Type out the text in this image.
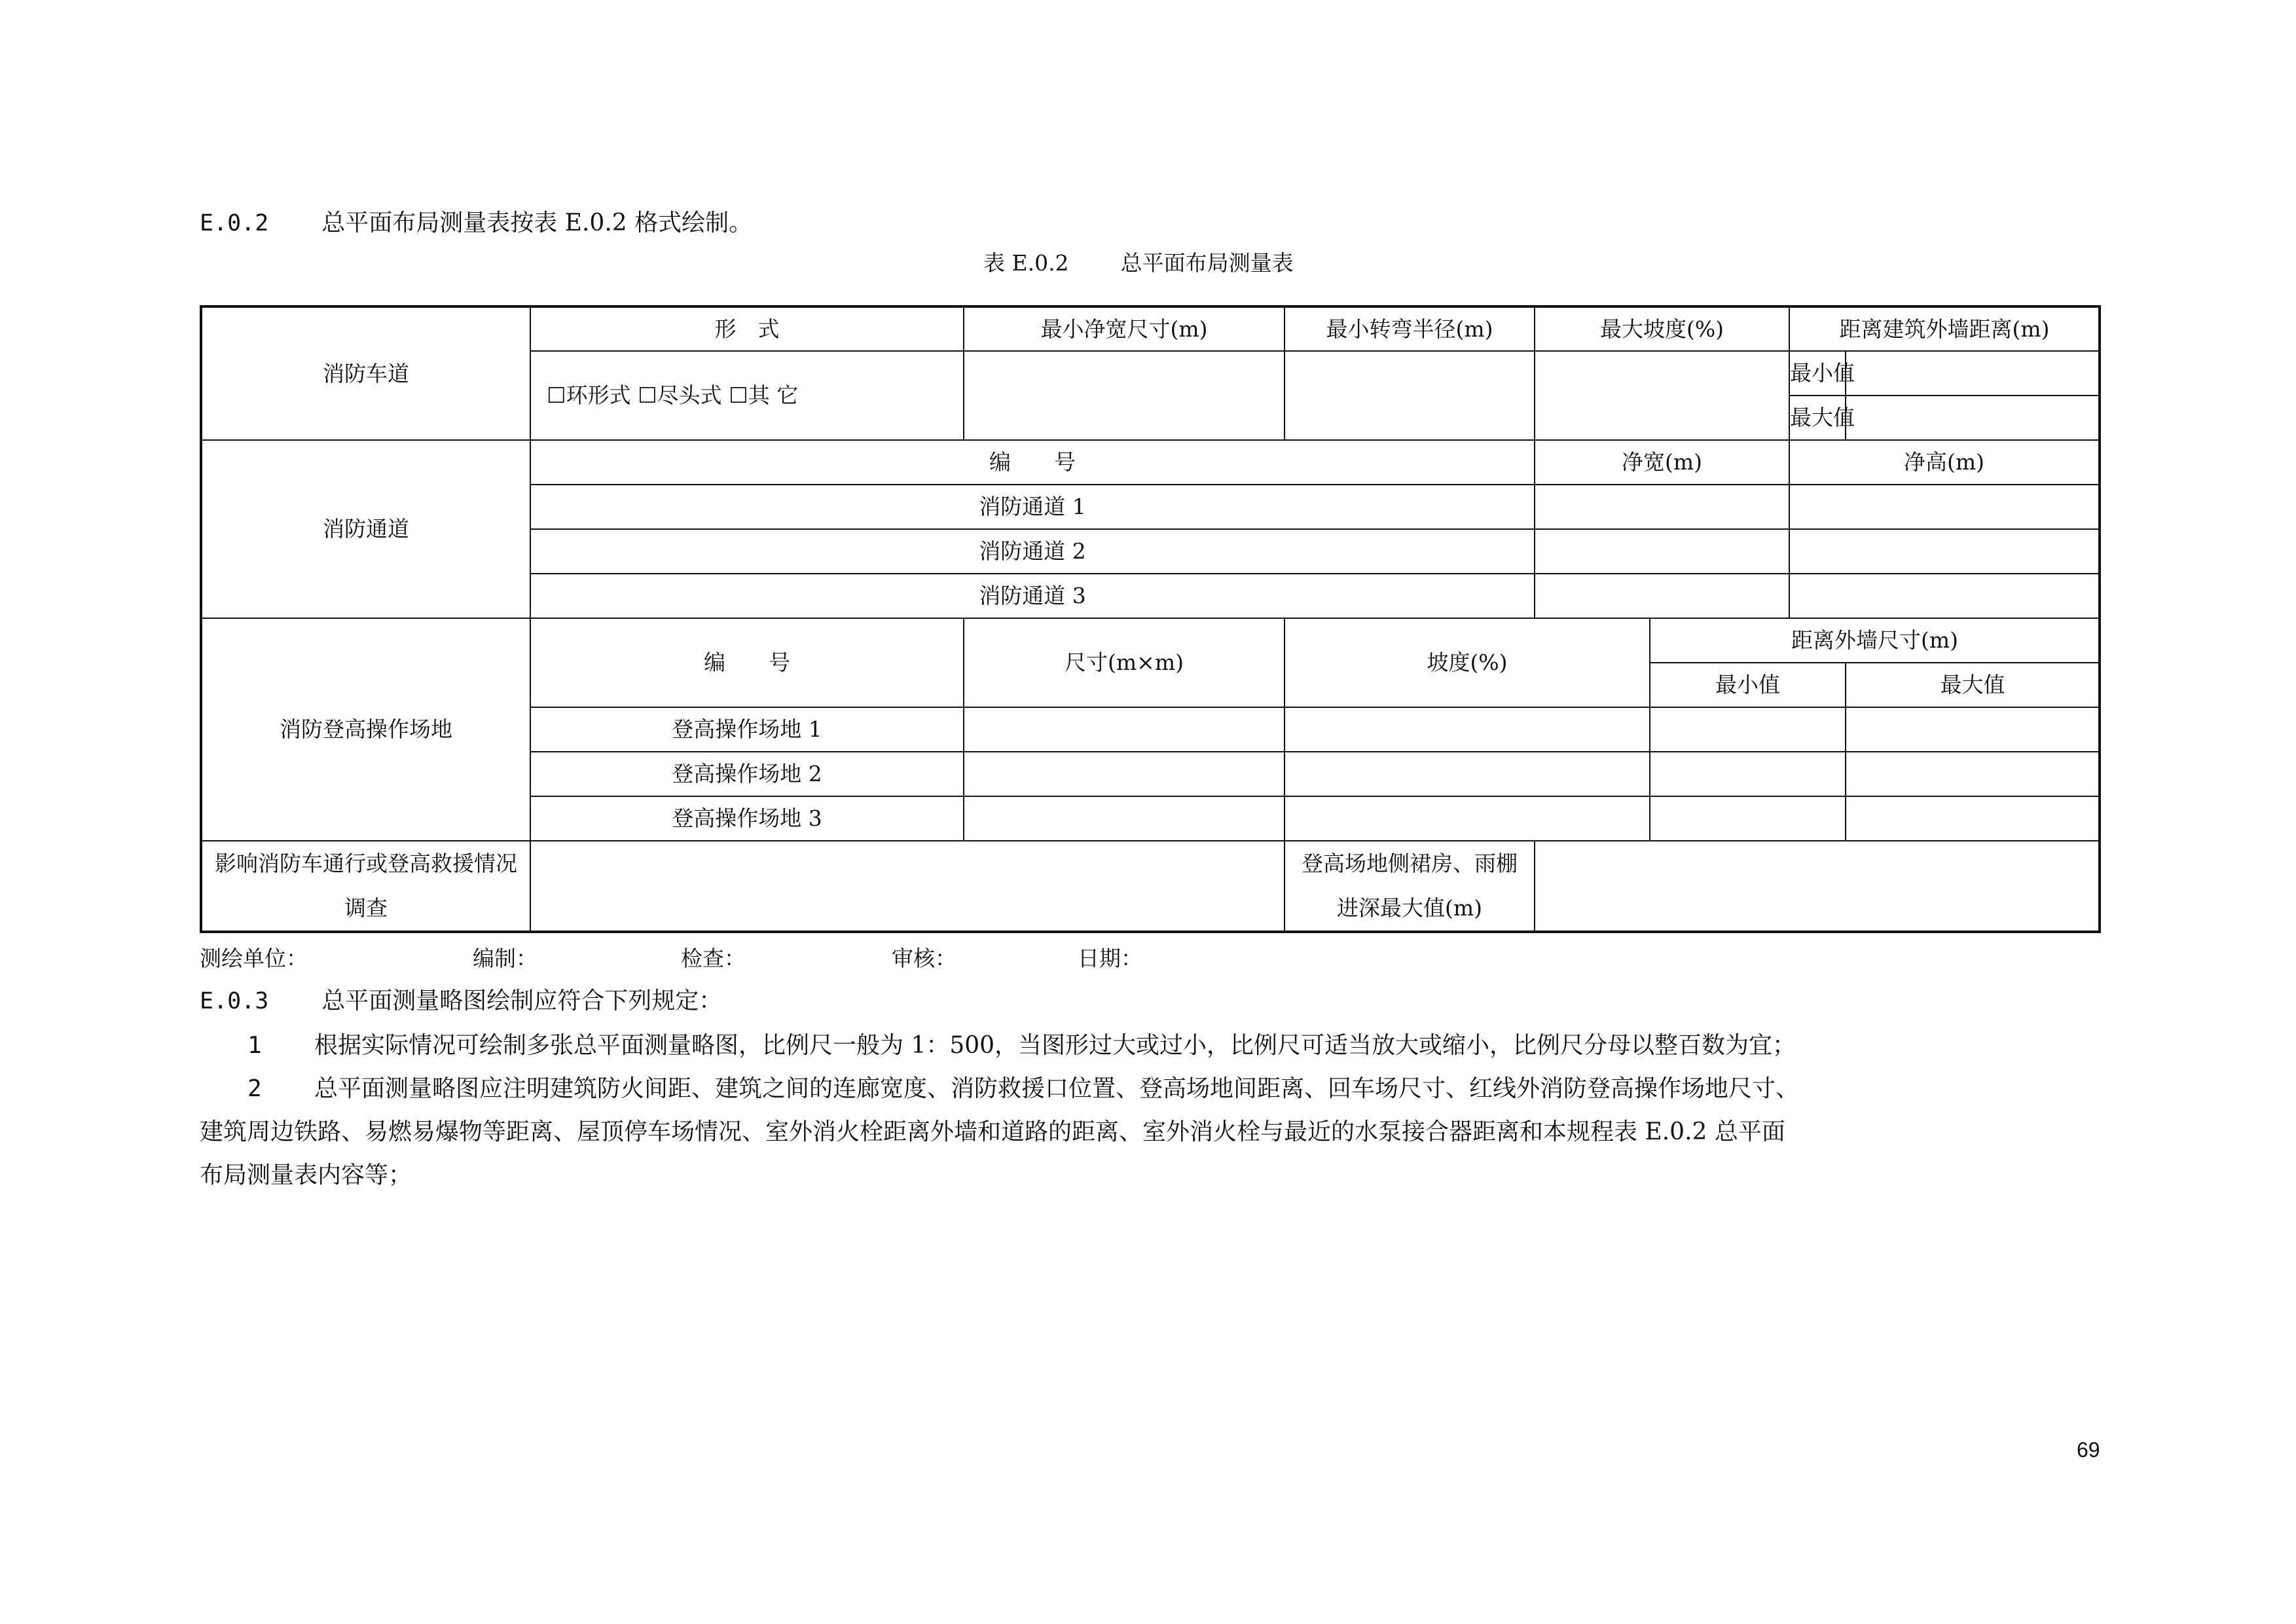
E.0.2 总平面布局测量表按表 E.0.2 格式绘制。
表 E.0.2 总平面布局测量表
消防车道	形　式	最小净宽尺寸(m)	最小转弯半径(m)	最大坡度(%)		距离建筑外墙距离(m)	
	☐环形式 ☐尽头式 ☐其 它					最小值	
						最大值	
消防通道	编　　号			净宽(m)		净高(m)	
	消防通道 1						
	消防通道 2						
	消防通道 3						
消防登高操作场地	编　　号	尺寸(m×m)	坡度(%)		距离外墙尺寸(m)		
					最小值		最大值
	登高操作场地 1						
	登高操作场地 2						
	登高操作场地 3						
影响消防车通行或登高救援情况调查			登高场地侧裙房、雨棚进深最大值(m)				
测绘单位：	编制：	检查：	审核：	日期：
E.0.3 总平面测量略图绘制应符合下列规定：
1 根据实际情况可绘制多张总平面测量略图，比例尺一般为 1：500，当图形过大或过小，比例尺可适当放大或缩小，比例尺分母以整百数为宜；
2 总平面测量略图应注明建筑防火间距、建筑之间的连廊宽度、消防救援口位置、登高场地间距离、回车场尺寸、红线外消防登高操作场地尺寸、
建筑周边铁路、易燃易爆物等距离、屋顶停车场情况、室外消火栓距离外墙和道路的距离、室外消火栓与最近的水泵接合器距离和本规程表 E.0.2 总平面
布局测量表内容等；
69
